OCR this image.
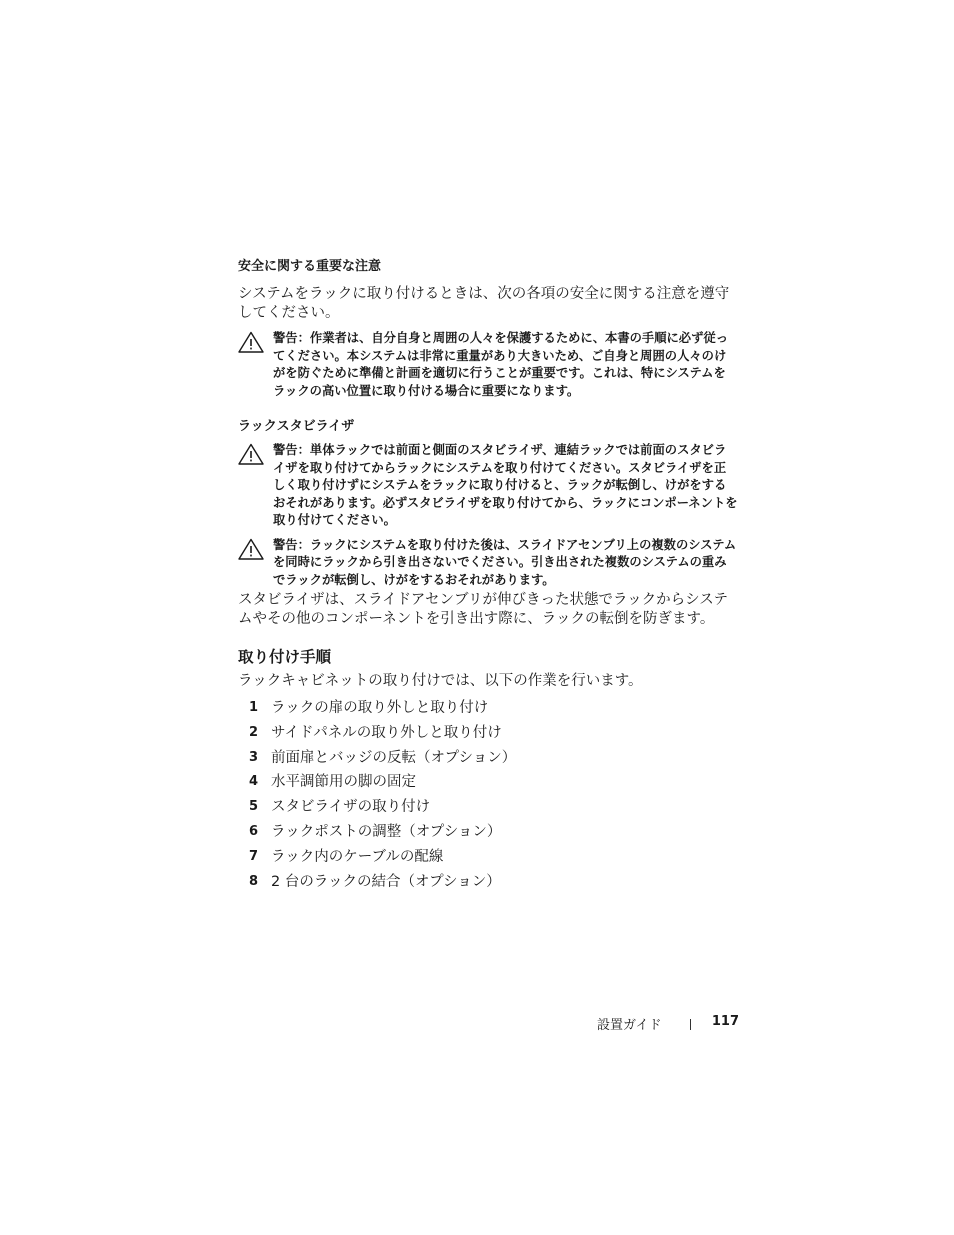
安全に関する重要な注意

システムをラックに取り付けるときは、次の各項の安全に関する注意を遵守してください。

警告：作業者は、自分自身と周囲の人々を保護するために、本書の手順に必ず従ってください。本システムは非常に重量があり大きいため、ご自身と周囲の人々のけがを防ぐために準備と計画を適切に行うことが重要です。これは、特にシステムをラックの高い位置に取り付ける場合に重要になります。

ラックスタビライザ

警告：単体ラックでは前面と側面のスタビライザ、連結ラックでは前面のスタビライザを取り付けてからラックにシステムを取り付けてください。スタビライザを正しく取り付けずにシステムをラックに取り付けると、ラックが転倒し、けがをするおそれがあります。必ずスタビライザを取り付けてから、ラックにコンポーネントを取り付けてください。
警告：ラックにシステムを取り付けた後は、スライドアセンブリ上の複数のシステムを同時にラックから引き出さないでください。引き出された複数のシステムの重みでラックが転倒し、けがをするおそれがあります。

スタビライザは、スライドアセンブリが伸びきった状態でラックからシステムやその他のコンポーネントを引き出す際に、ラックの転倒を防ぎます。

取り付け手順

ラックキャビネットの取り付けでは、以下の作業を行います。

1 ラックの扉の取り外しと取り付け
2 サイドパネルの取り外しと取り付け
3 前面扉とバッジの反転（オプション）
4 水平調節用の脚の固定
5 スタビライザの取り付け
6 ラックポストの調整（オプション）
7 ラック内のケーブルの配線
8 2 台のラックの結合（オプション）
設置ガイド	117
